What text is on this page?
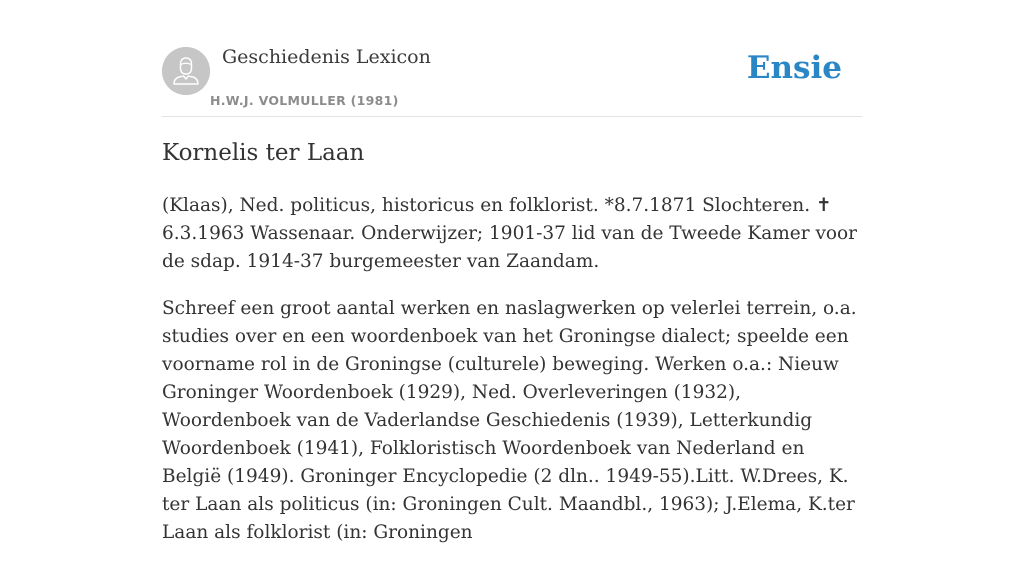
Geschiedenis Lexicon
H.W.J. VOLMULLER (1981)
Ensie
Kornelis ter Laan

(Klaas), Ned. politicus, historicus en folklorist. *8.7.1871 Slochteren. ✝ 6.3.1963 Wassenaar. Onderwijzer; 1901-37 lid van de Tweede Kamer voor de sdap. 1914-37 burgemeester van Zaandam.

Schreef een groot aantal werken en naslagwerken op velerlei terrein, o.a. studies over en een woordenboek van het Groningse dialect; speelde een voorname rol in de Groningse (culturele) beweging. Werken o.a.: Nieuw Groninger Woordenboek (1929), Ned. Overleveringen (1932), Woordenboek van de Vaderlandse Geschiedenis (1939), Letterkundig Woordenboek (1941), Folkloristisch Woordenboek van Nederland en België (1949). Groninger Encyclopedie (2 dln.. 1949-55).Litt. W.Drees, K. ter Laan als politicus (in: Groningen Cult. Maandbl., 1963); J.Elema, K.ter Laan als folklorist (in: Groningen
